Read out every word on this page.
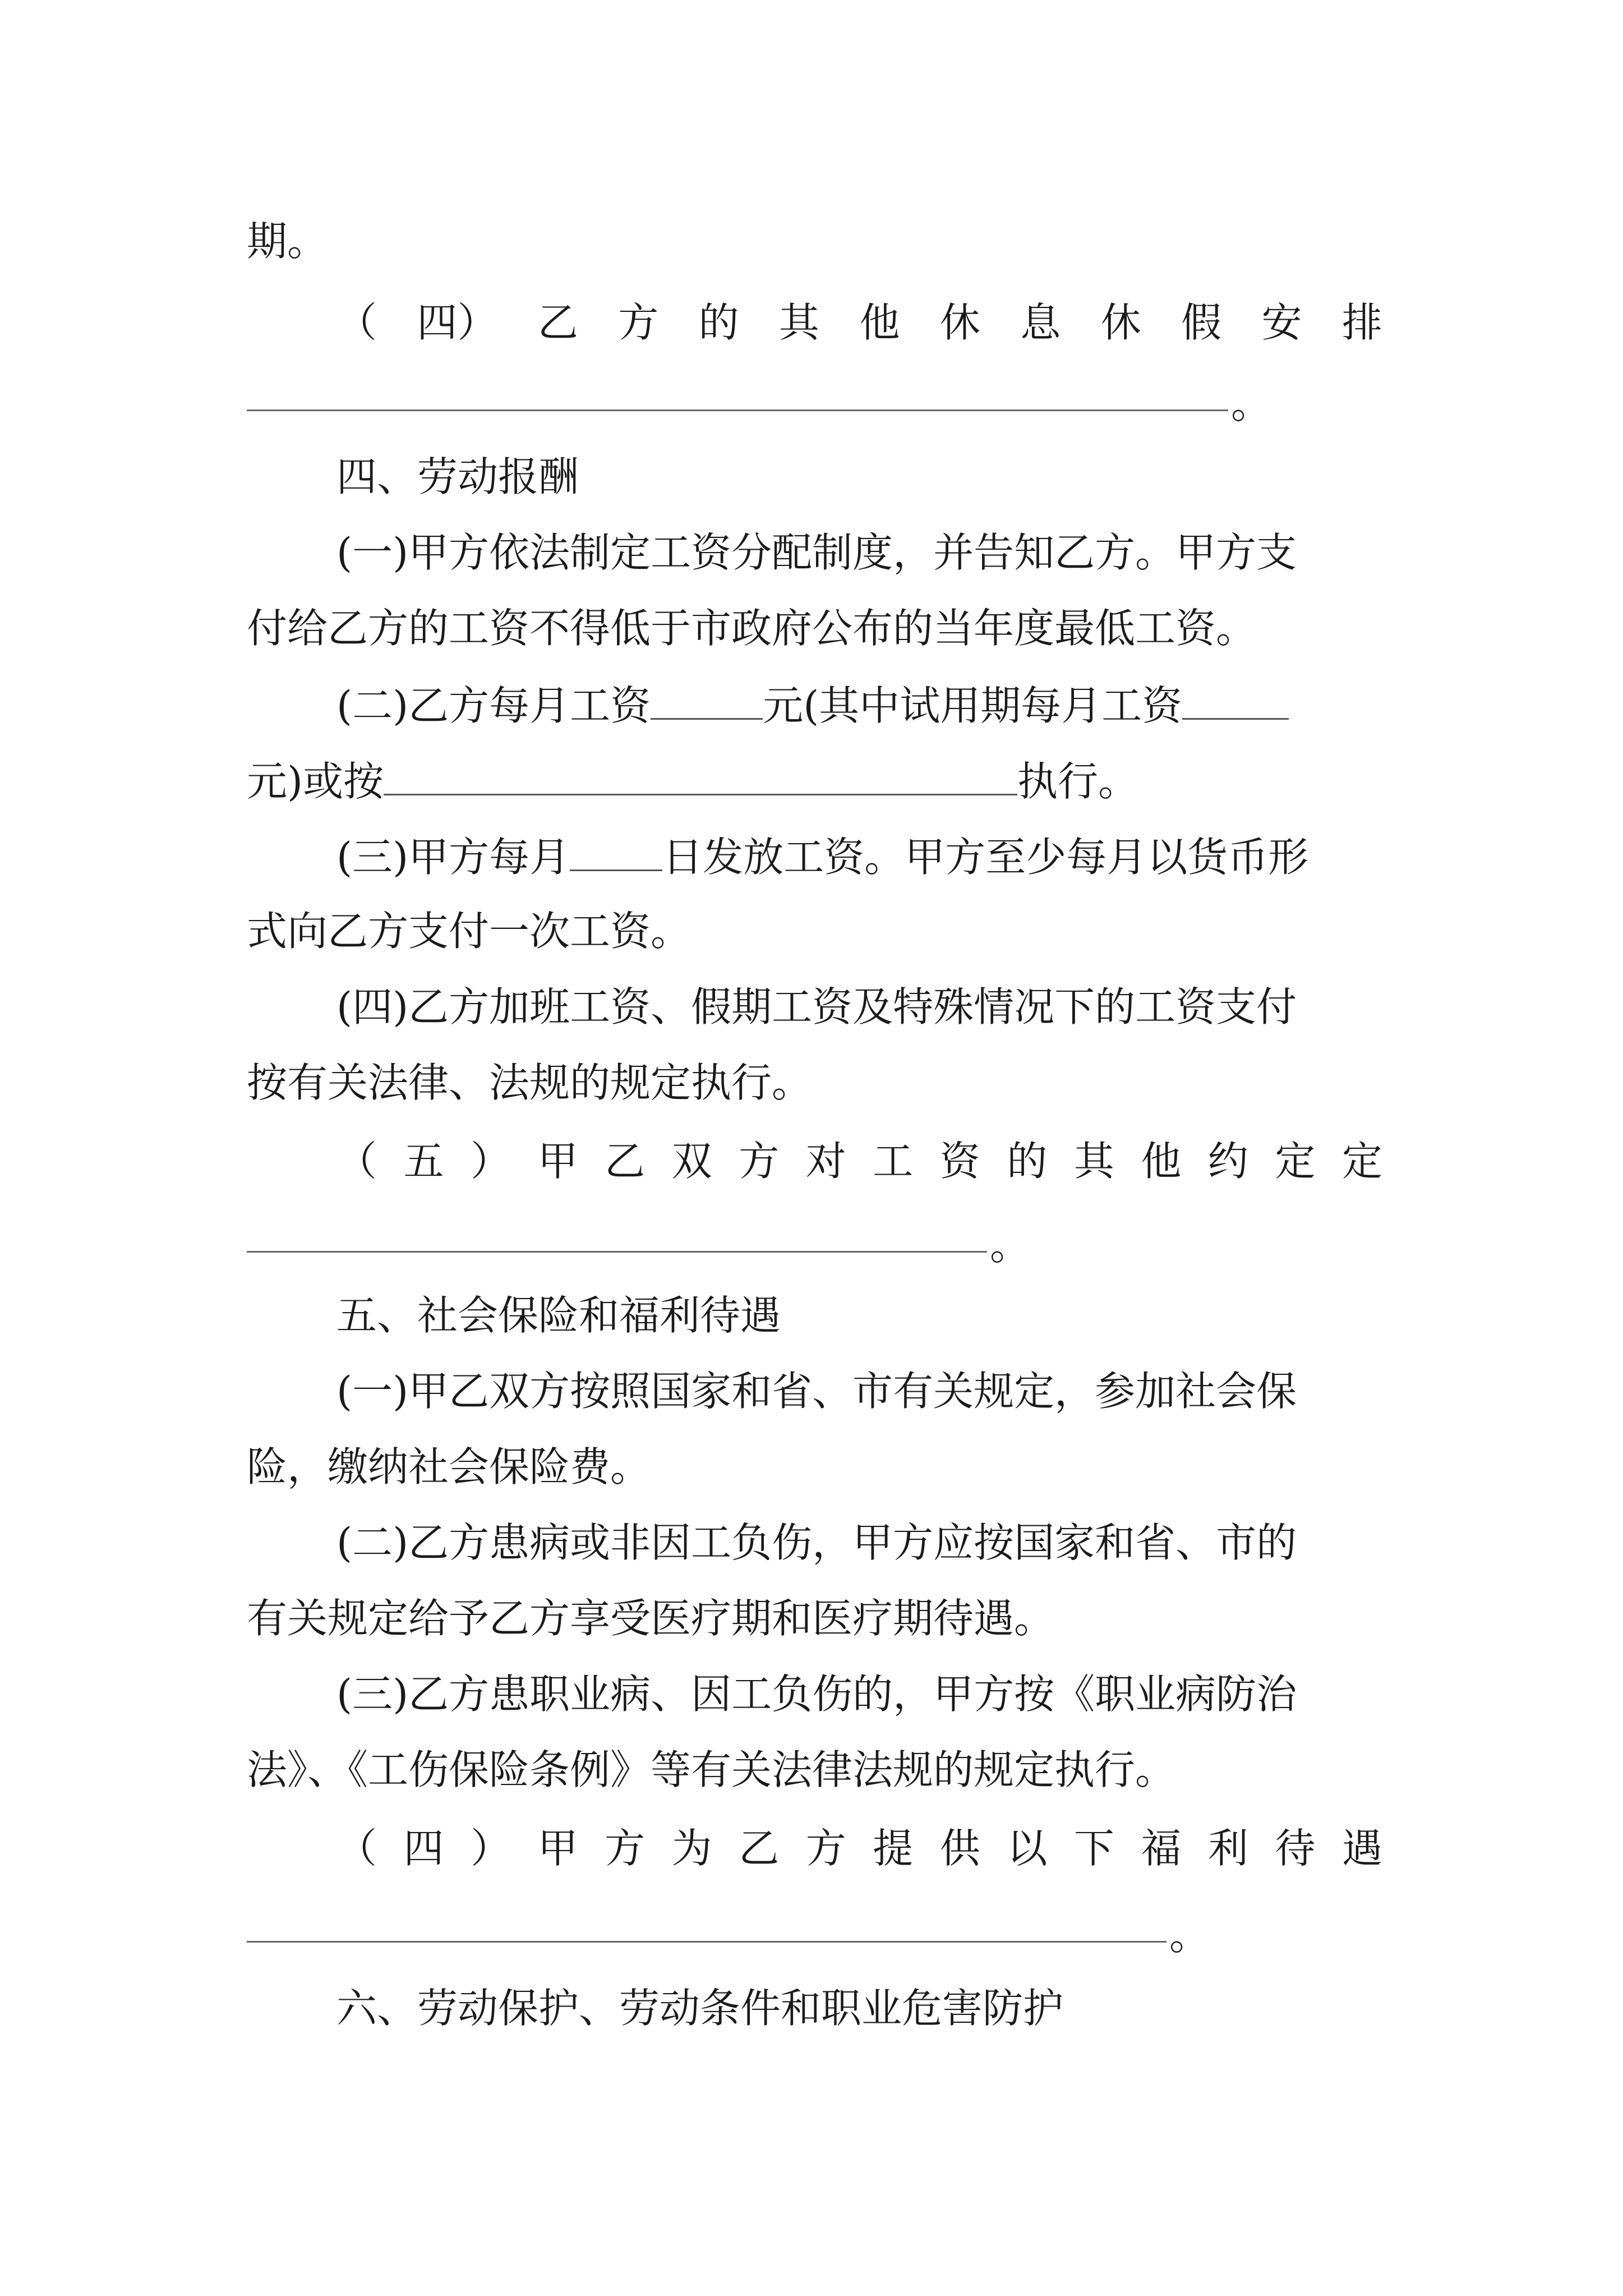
期。
（ 四） 乙 方 的 其 他 休 息 休 假 安 排
。
四、劳动报酬
(一)甲方依法制定工资分配制度，并告知乙方。甲方支
付给乙方的工资不得低于市政府公布的当年度最低工资。
(二)乙方每月工资	元(其中试用期每月工资
元)或按	执行。
(三)甲方每月 日发放工资。甲方至少每月以货币形
式向乙方支付一次工资。
(四)乙方加班工资、假期工资及特殊情况下的工资支付
按有关法律、法规的规定执行。
（ 五 ） 甲 乙 双 方 对 工 资 的 其 他 约 定 定
。
五、社会保险和福利待遇
(一)甲乙双方按照国家和省、市有关规定，参加社会保
险，缴纳社会保险费。
(二)乙方患病或非因工负伤，甲方应按国家和省、市的
有关规定给予乙方享受医疗期和医疗期待遇。
(三)乙方患职业病、因工负伤的，甲方按《职业病防治
法》、《工伤保险条例》等有关法律法规的规定执行。
（ 四 ） 甲 方 为 乙 方 提 供 以 下 福 利 待 遇
。
六、劳动保护、劳动条件和职业危害防护
